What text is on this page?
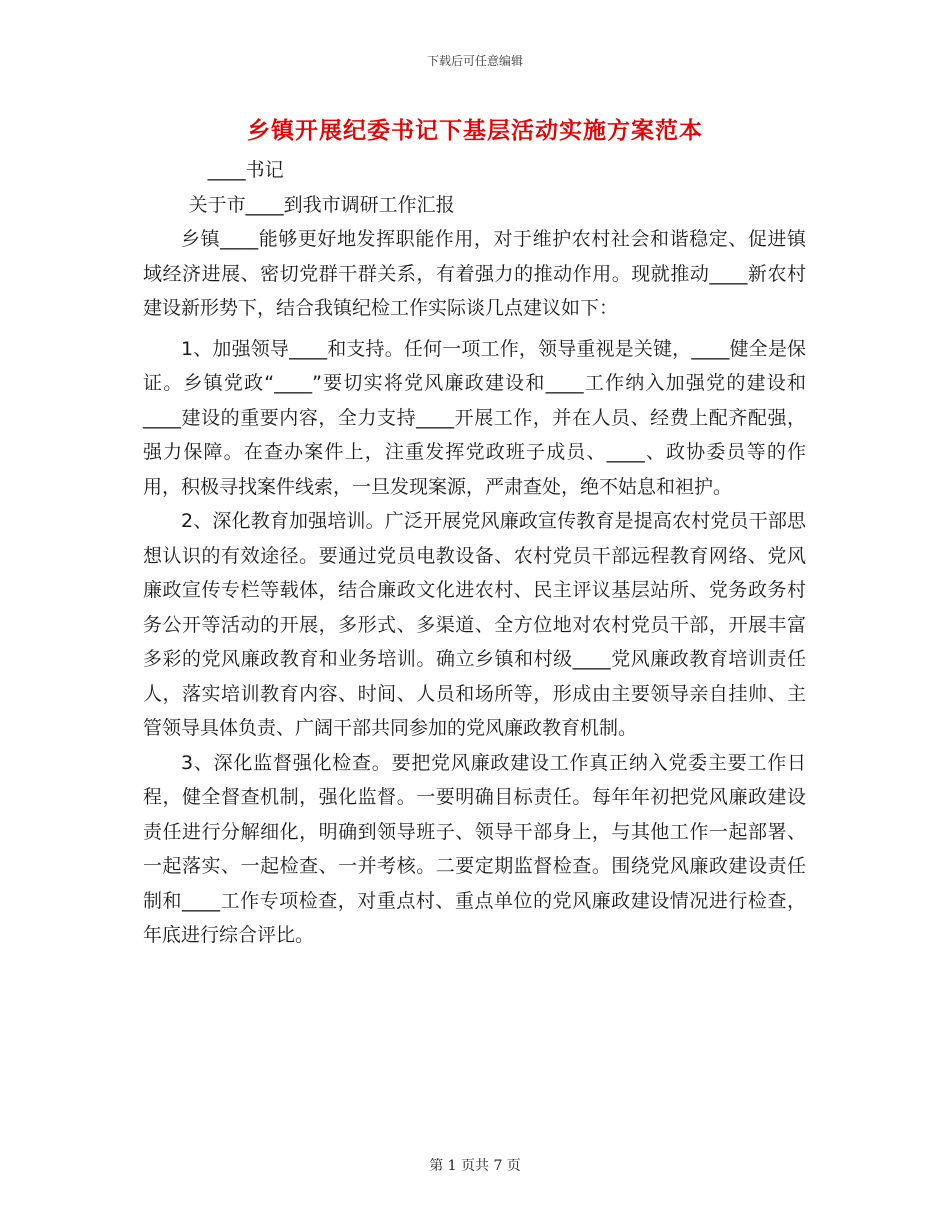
下载后可任意编辑
乡镇开展纪委书记下基层活动实施方案范本

____书记

关于市____到我市调研工作汇报

乡镇____能够更好地发挥职能作用，对于维护农村社会和谐稳定、促进镇域经济进展、密切党群干群关系，有着强力的推动作用。现就推动____新农村建设新形势下，结合我镇纪检工作实际谈几点建议如下：

1、加强领导____和支持。任何一项工作，领导重视是关键，____健全是保证。乡镇党政“____”要切实将党风廉政建设和____工作纳入加强党的建设和____建设的重要内容，全力支持____开展工作，并在人员、经费上配齐配强，强力保障。在查办案件上，注重发挥党政班子成员、____、政协委员等的作用，积极寻找案件线索，一旦发现案源，严肃查处，绝不姑息和袒护。

2、深化教育加强培训。广泛开展党风廉政宣传教育是提高农村党员干部思想认识的有效途径。要通过党员电教设备、农村党员干部远程教育网络、党风廉政宣传专栏等载体，结合廉政文化进农村、民主评议基层站所、党务政务村务公开等活动的开展，多形式、多渠道、全方位地对农村党员干部，开展丰富多彩的党风廉政教育和业务培训。确立乡镇和村级____党风廉政教育培训责任人，落实培训教育内容、时间、人员和场所等，形成由主要领导亲自挂帅、主管领导具体负责、广阔干部共同参加的党风廉政教育机制。

3、深化监督强化检查。要把党风廉政建设工作真正纳入党委主要工作日程，健全督查机制，强化监督。一要明确目标责任。每年年初把党风廉政建设责任进行分解细化，明确到领导班子、领导干部身上，与其他工作一起部署、一起落实、一起检查、一并考核。二要定期监督检查。围绕党风廉政建设责任制和____工作专项检查，对重点村、重点单位的党风廉政建设情况进行检查，年底进行综合评比。

第 1 页共 7 页
